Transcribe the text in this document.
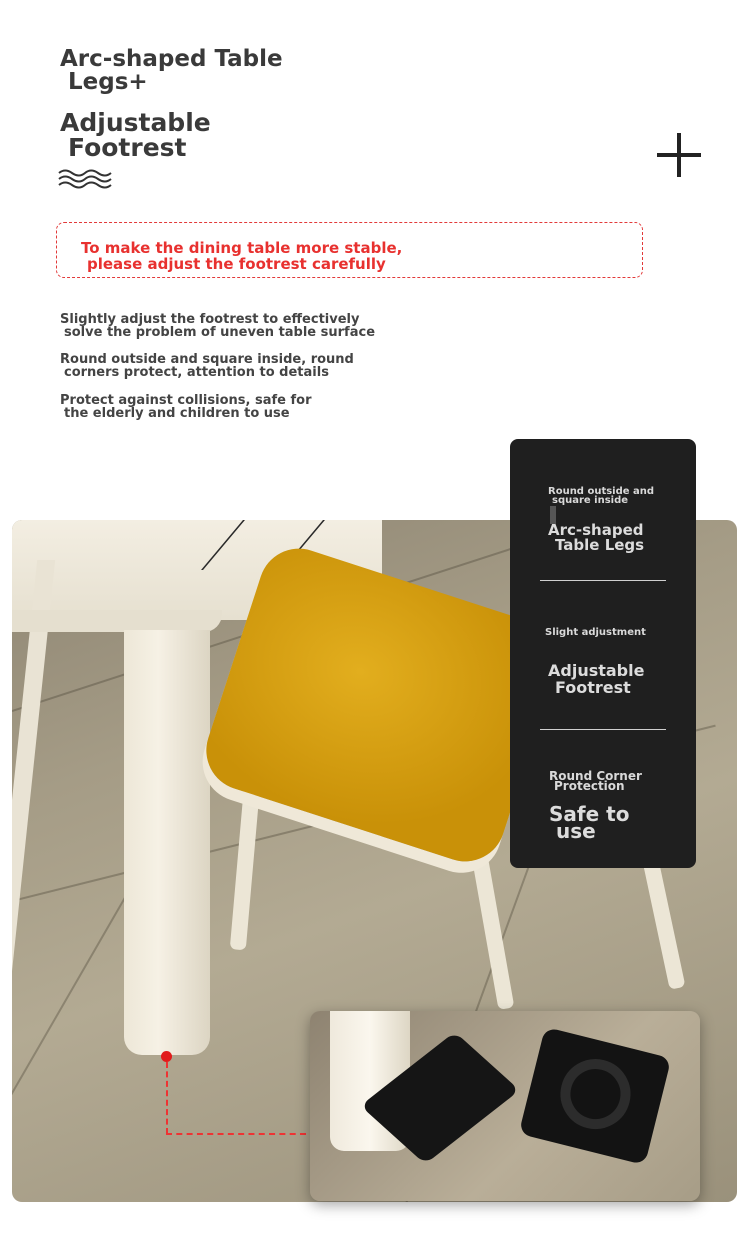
Arc-shaped Table
Legs+
Adjustable
Footrest

To make the dining table more stable,
please adjust the footrest carefully

Slightly adjust the footrest to effectively
solve the problem of uneven table surface
Round outside and square inside, round
corners protect, attention to details
Protect against collisions, safe for
the elderly and children to use
Round outside and
square inside
Arc-shaped
Table Legs
Slight adjustment
Adjustable
Footrest
Round Corner
Protection
Safe to
use
